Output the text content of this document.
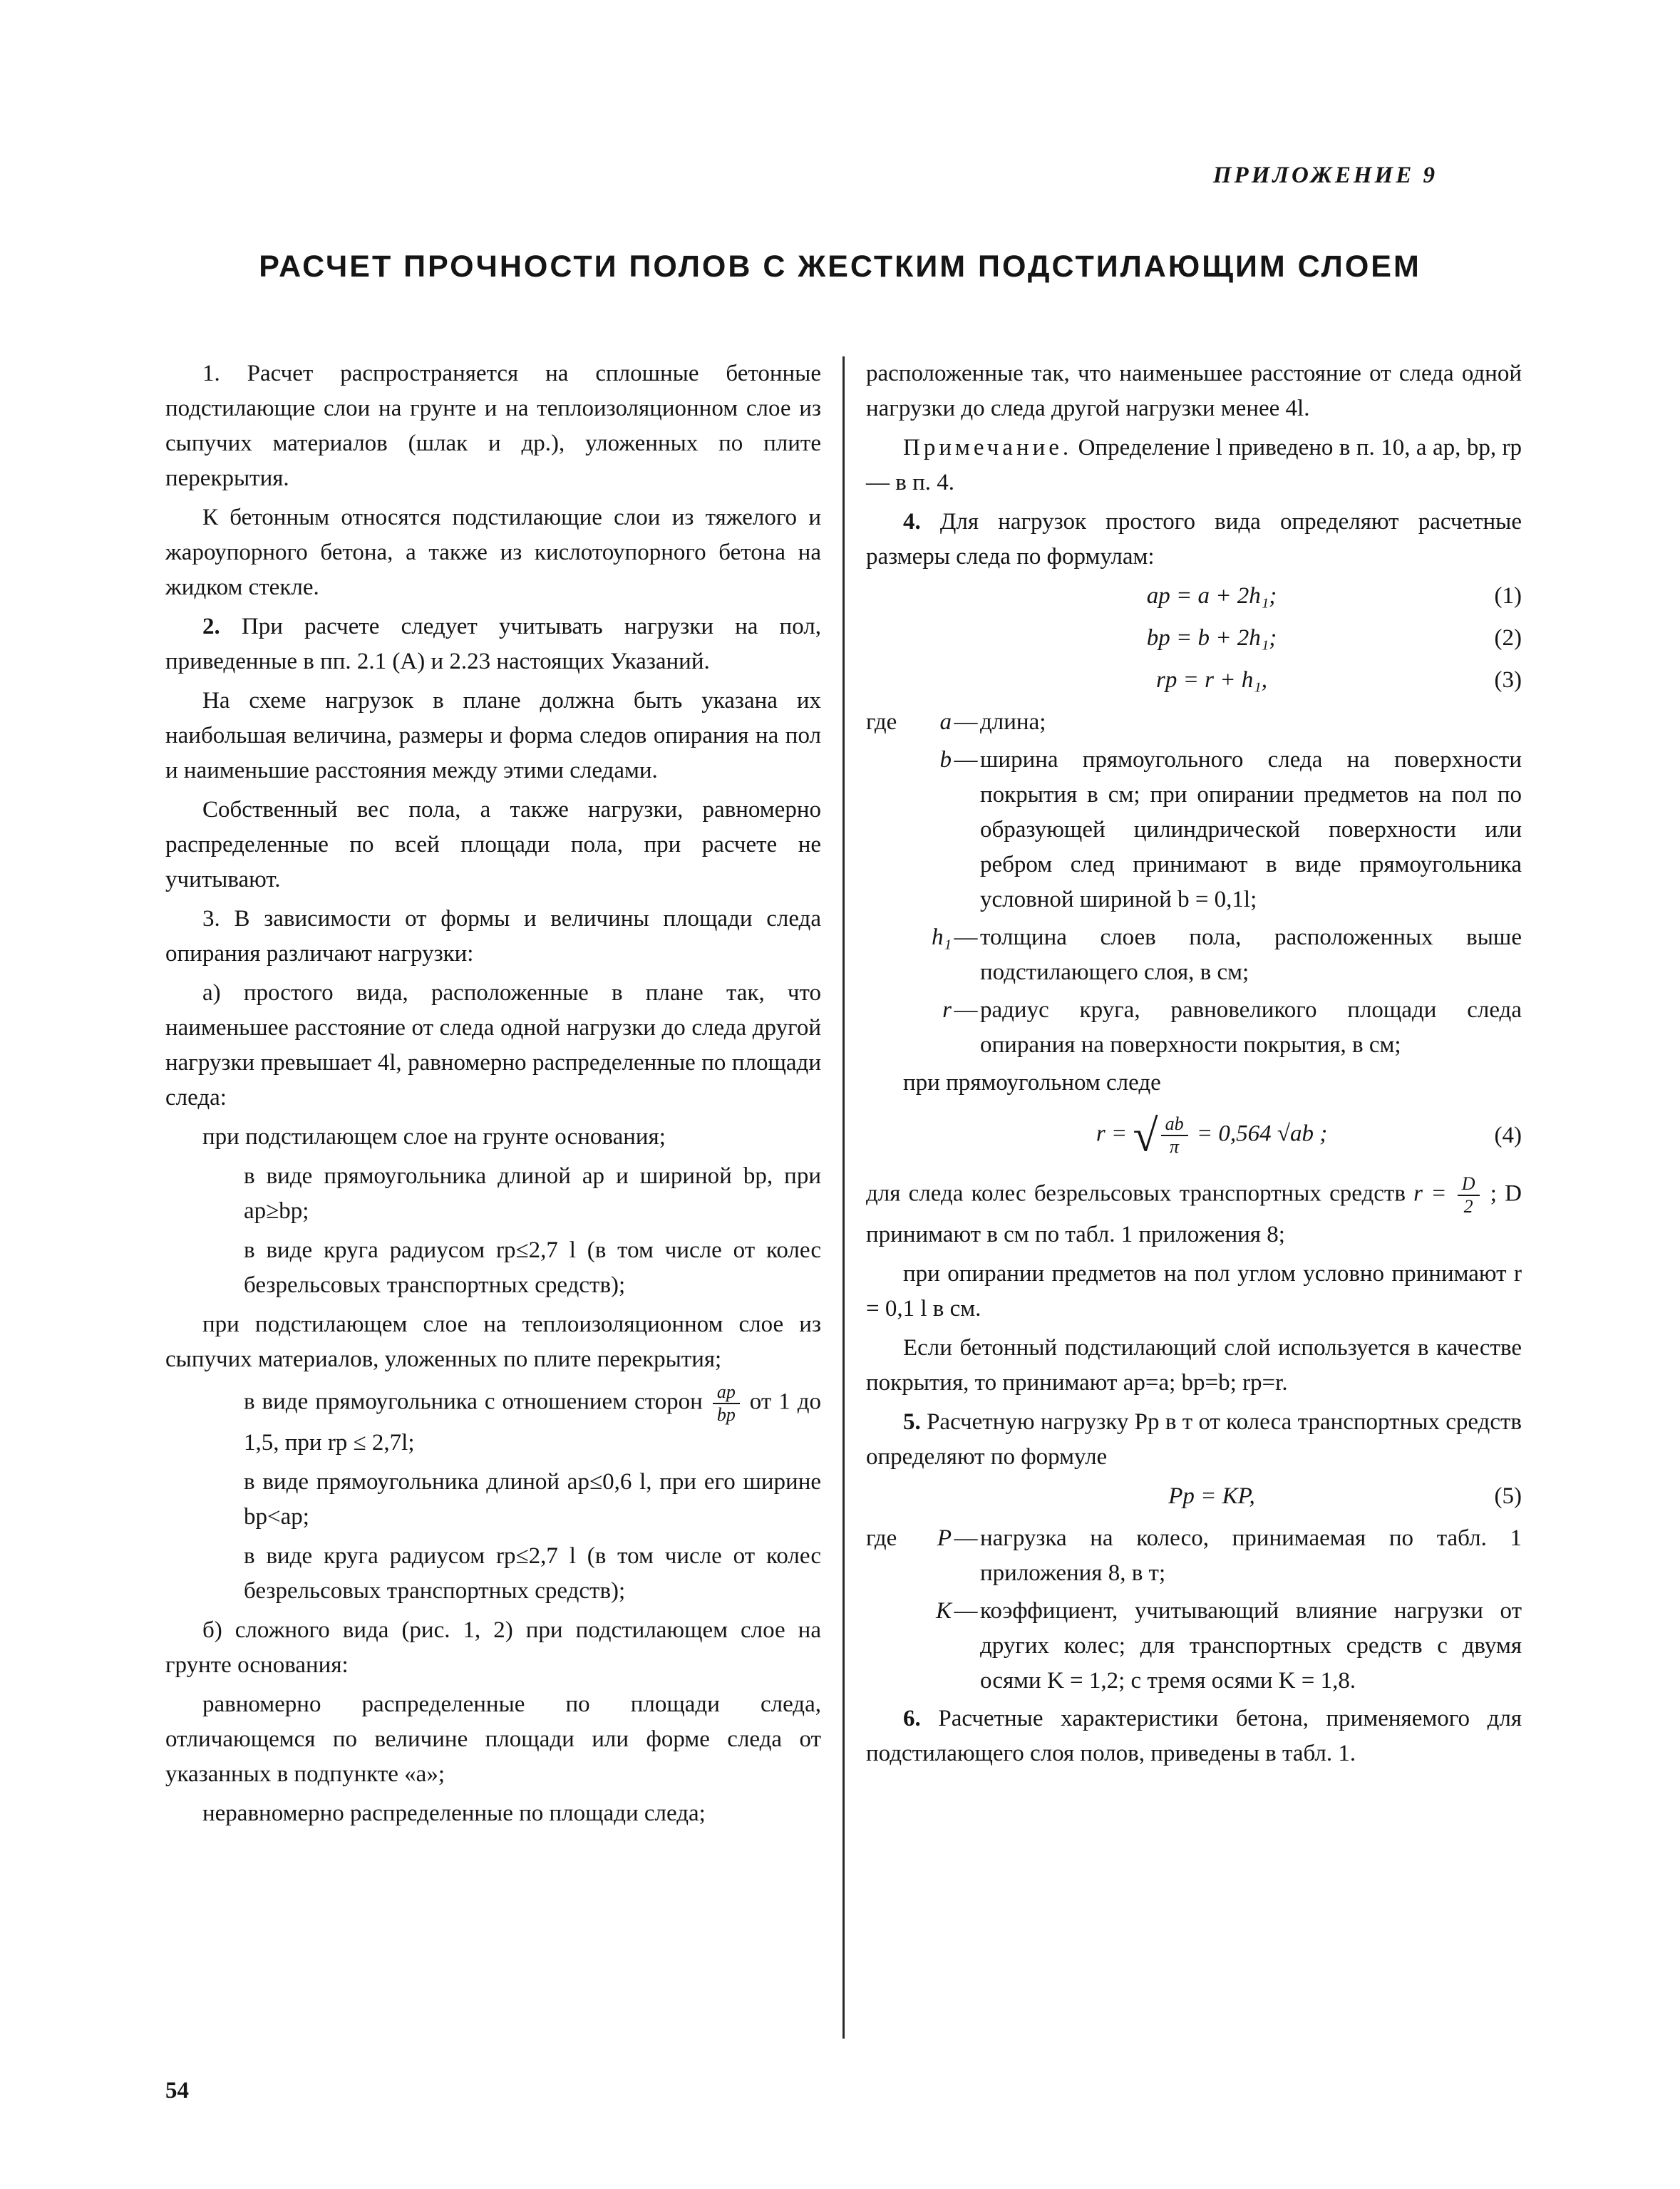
ПРИЛОЖЕНИЕ 9
РАСЧЕТ ПРОЧНОСТИ ПОЛОВ С ЖЕСТКИМ ПОДСТИЛАЮЩИМ СЛОЕМ

1. Расчет распространяется на сплошные бетонные подстилающие слои на грунте и на теплоизоляционном слое из сыпучих материалов (шлак и др.), уложенных по плите перекрытия.

К бетонным относятся подстилающие слои из тяжелого и жароупорного бетона, а также из кислотоупорного бетона на жидком стекле.

2. При расчете следует учитывать нагрузки на пол, приведенные в пп. 2.1 (А) и 2.23 настоящих Указаний.

На схеме нагрузок в плане должна быть указана их наибольшая величина, размеры и форма следов опирания на пол и наименьшие расстояния между этими следами.

Собственный вес пола, а также нагрузки, равномерно распределенные по всей площади пола, при расчете не учитывают.

3. В зависимости от формы и величины площади следа опирания различают нагрузки:

а) простого вида, расположенные в плане так, что наименьшее расстояние от следа одной нагрузки до следа другой нагрузки превышает 4l, равномерно распределенные по площади следа:

при подстилающем слое на грунте основания;

в виде прямоугольника длиной aр и шириной bр, при aр≥bр;

в виде круга радиусом rр≤2,7 l (в том числе от колес безрельсовых транспортных средств);

при подстилающем слое на теплоизоляционном слое из сыпучих материалов, уложенных по плите перекрытия;

в виде прямоугольника с отношением сторон $\frac{aр}{bр}$ от 1 до 1,5, при rр ≤ 2,7l;

в виде прямоугольника длиной aр≤0,6 l, при его ширине bр<aр;

в виде круга радиусом rр≤2,7 l (в том числе от колес безрельсовых транспортных средств);

б) сложного вида (рис. 1, 2) при подстилающем слое на грунте основания:

равномерно распределенные по площади следа, отличающемся по величине площади или форме следа от указанных в подпункте «а»;

неравномерно распределенные по площади следа;

расположенные так, что наименьшее расстояние от следа одной нагрузки до следа другой нагрузки менее 4l.

Примечание. Определение l приведено в п. 10, а aр, bр, rр— в п. 4.

4. Для нагрузок простого вида определяют расчетные размеры следа по формулам:

aр = a + 2h₁;	(1)
bр = b + 2h₁;	(2)
rр = r + h₁,	(3)
где	a — длина;
b — ширина прямоугольного следа на поверхности покрытия в см; при опирании предметов на пол по образующей цилиндрической поверхности или ребром след принимают в виде прямоугольника условной шириной b = 0,1l;
h₁ — толщина слоев пола, расположенных выше подстилающего слоя, в см;
r — радиус круга, равновеликого площади следа опирания на поверхности покрытия, в см;

при прямоугольном следе

r = √ $\frac{ab}{\pi} = 0,564$ √ab ;	(4)

для следа колес безрельсовых транспортных средств $r = \frac{D}{2}$ ; D принимают в см по табл. 1 приложения 8;

при опирании предметов на пол углом условно принимают r = 0,1 l в см.

Если бетонный подстилающий слой используется в качестве покрытия, то принимают aр=a; bр=b; rр=r.

5. Расчетную нагрузку Pр в т от колеса транспортных средств определяют по формуле

Pр = KP,	(5)
где	P — нагрузка на колесо, принимаемая по табл. 1 приложения 8, в т;
K — коэффициент, учитывающий влияние нагрузки от других колес; для транспортных средств с двумя осями K = 1,2; с тремя осями K = 1,8.

6. Расчетные характеристики бетона, применяемого для подстилающего слоя полов, приведены в табл. 1.

54
